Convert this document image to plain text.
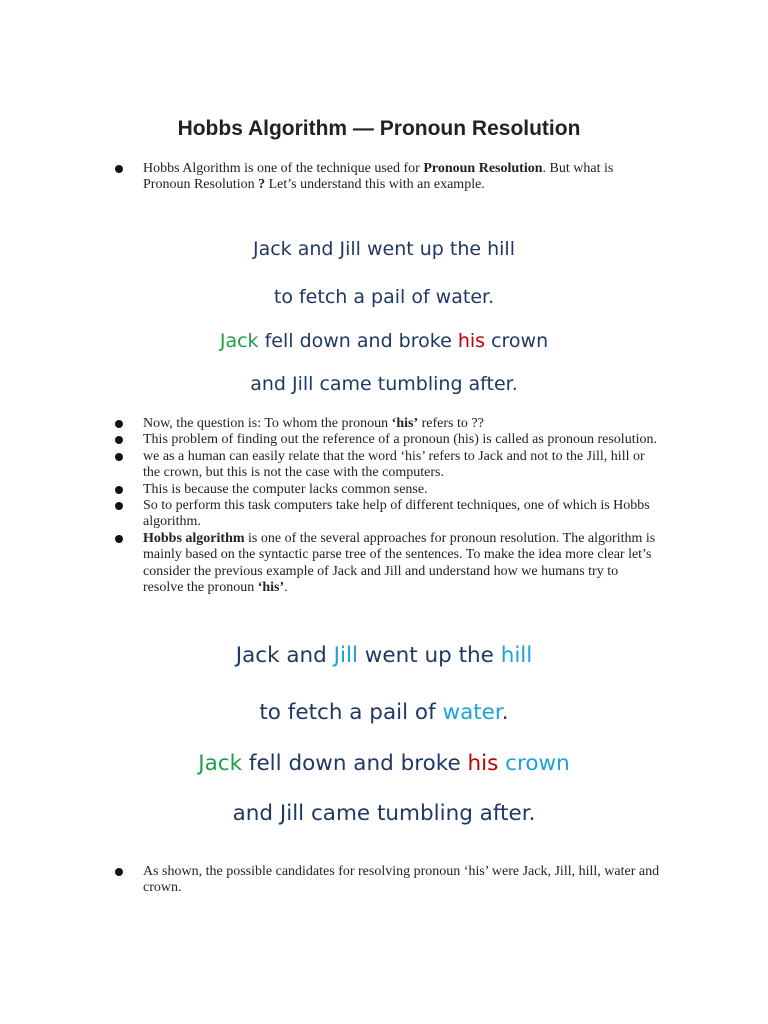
Hobbs Algorithm — Pronoun Resolution
Hobbs Algorithm is one of the technique used for Pronoun Resolution. But what is Pronoun Resolution ? Let’s understand this with an example.
Jack and Jill went up the hill
to fetch a pail of water.
Jack fell down and broke his crown
and Jill came tumbling after.
Now, the question is: To whom the pronoun ‘his’ refers to ??
This problem of finding out the reference of a pronoun (his) is called as pronoun resolution.
we as a human can easily relate that the word ‘his’ refers to Jack and not to the Jill, hill or the crown, but this is not the case with the computers.
This is because the computer lacks common sense.
So to perform this task computers take help of different techniques, one of which is Hobbs algorithm.
Hobbs algorithm is one of the several approaches for pronoun resolution. The algorithm is mainly based on the syntactic parse tree of the sentences. To make the idea more clear let’s consider the previous example of Jack and Jill and understand how we humans try to resolve the pronoun ‘his’.
Jack and Jill went up the hill
to fetch a pail of water.
Jack fell down and broke his crown
and Jill came tumbling after.
As shown, the possible candidates for resolving pronoun ‘his’ were Jack, Jill, hill, water and crown.
